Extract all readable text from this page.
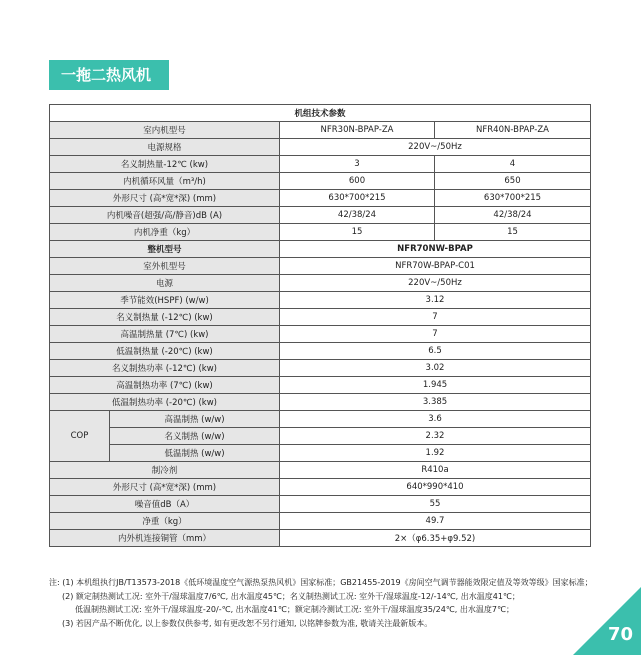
一拖二热风机
机组技术参数			
室内机型号		NFR30N-BPAP-ZA	NFR40N-BPAP-ZA
电源规格		220V~/50Hz	
名义制热量-12℃ (kw)		3	4
内机循环风量（m³/h)		600	650
外形尺寸 (高*宽*深) (mm)		630*700*215	630*700*215
内机噪音(超强/高/静音)dB (A)		42/38/24	42/38/24
内机净重（kg）		15	15
整机型号		NFR70NW-BPAP	
室外机型号		NFR70W-BPAP-C01	
电源		220V~/50Hz	
季节能效(HSPF) (w/w)		3.12	
名义制热量 (-12℃) (kw)		7	
高温制热量 (7℃) (kw)		7	
低温制热量 (-20℃) (kw)		6.5	
名义制热功率 (-12℃) (kw)		3.02	
高温制热功率 (7℃) (kw)		1.945	
低温制热功率 (-20℃) (kw)		3.385	
COP	高温制热 (w/w)	3.6	
	名义制热 (w/w)	2.32	
	低温制热 (w/w)	1.92	
制冷剂		R410a	
外形尺寸 (高*宽*深) (mm)		640*990*410	
噪音值dB（A）		55	
净重（kg）		49.7	
内外机连接铜管（mm）		2×（φ6.35+φ9.52)	
注: (1) 本机组执行JB/T13573-2018《低环境温度空气源热泵热风机》国家标准；GB21455-2019《房间空气调节器能效限定值及等效等级》国家标准；
(2) 额定制热测试工况: 室外干/湿球温度7/6℃, 出水温度45℃；名义制热测试工况: 室外干/湿球温度-12/-14℃, 出水温度41℃；
低温制热测试工况: 室外干/湿球温度-20/-℃, 出水温度41℃；额定制冷测试工况: 室外干/湿球温度35/24℃, 出水温度7℃；
(3) 若因产品不断优化, 以上参数仅供参考, 如有更改恕不另行通知, 以铭牌参数为准, 敬请关注最新版本。
70
